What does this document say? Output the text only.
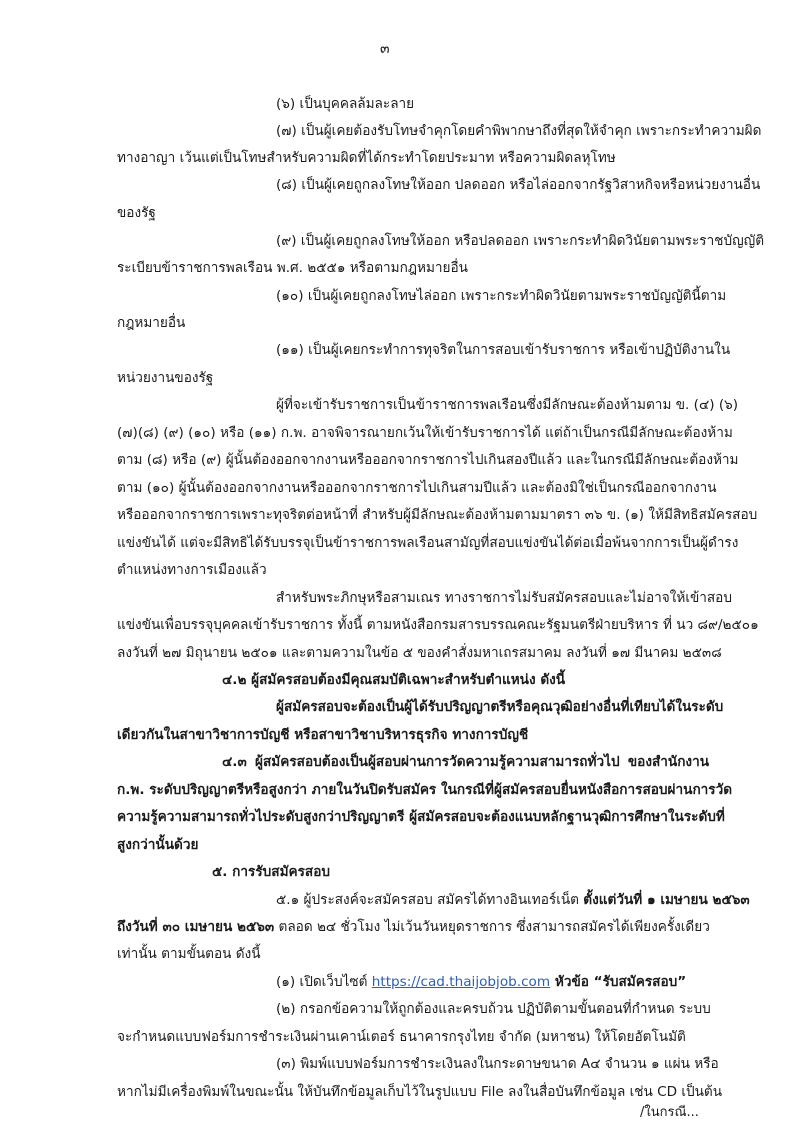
๓
(๖) เป็นบุคคลล้มละลาย
(๗) เป็นผู้เคยต้องรับโทษจำคุกโดยคำพิพากษาถึงที่สุดให้จำคุก เพราะกระทำความผิด
ทางอาญา เว้นแต่เป็นโทษสำหรับความผิดที่ได้กระทำโดยประมาท หรือความผิดลหุโทษ
(๘) เป็นผู้เคยถูกลงโทษให้ออก ปลดออก หรือไล่ออกจากรัฐวิสาหกิจหรือหน่วยงานอื่น
ของรัฐ
(๙) เป็นผู้เคยถูกลงโทษให้ออก หรือปลดออก เพราะกระทำผิดวินัยตามพระราชบัญญัติ
ระเบียบข้าราชการพลเรือน พ.ศ. ๒๕๕๑ หรือตามกฎหมายอื่น
(๑๐) เป็นผู้เคยถูกลงโทษไล่ออก เพราะกระทำผิดวินัยตามพระราชบัญญัตินี้ตาม
กฎหมายอื่น
(๑๑) เป็นผู้เคยกระทำการทุจริตในการสอบเข้ารับราชการ หรือเข้าปฏิบัติงานใน
หน่วยงานของรัฐ
ผู้ที่จะเข้ารับราชการเป็นข้าราชการพลเรือนซึ่งมีลักษณะต้องห้ามตาม ข. (๔) (๖)
(๗)(๘) (๙) (๑๐) หรือ (๑๑) ก.พ. อาจพิจารณายกเว้นให้เข้ารับราชการได้ แต่ถ้าเป็นกรณีมีลักษณะต้องห้าม
ตาม (๘) หรือ (๙) ผู้นั้นต้องออกจากงานหรือออกจากราชการไปเกินสองปีแล้ว และในกรณีมีลักษณะต้องห้าม
ตาม (๑๐) ผู้นั้นต้องออกจากงานหรือออกจากราชการไปเกินสามปีแล้ว และต้องมิใช่เป็นกรณีออกจากงาน
หรือออกจากราชการเพราะทุจริตต่อหน้าที่ สำหรับผู้มีลักษณะต้องห้ามตามมาตรา ๓๖ ข. (๑) ให้มีสิทธิสมัครสอบ
แข่งขันได้ แต่จะมีสิทธิได้รับบรรจุเป็นข้าราชการพลเรือนสามัญที่สอบแข่งขันได้ต่อเมื่อพ้นจากการเป็นผู้ดำรง
ตำแหน่งทางการเมืองแล้ว
สำหรับพระภิกษุหรือสามเณร ทางราชการไม่รับสมัครสอบและไม่อาจให้เข้าสอบ
แข่งขันเพื่อบรรจุบุคคลเข้ารับราชการ ทั้งนี้ ตามหนังสือกรมสารบรรณคณะรัฐมนตรีฝ่ายบริหาร ที่ นว ๘๙/๒๕๐๑
ลงวันที่ ๒๗ มิถุนายน ๒๕๐๑ และตามความในข้อ ๕ ของคำสั่งมหาเถรสมาคม ลงวันที่ ๑๗ มีนาคม ๒๕๓๘
๔.๒ ผู้สมัครสอบต้องมีคุณสมบัติเฉพาะสำหรับตำแหน่ง ดังนี้
ผู้สมัครสอบจะต้องเป็นผู้ได้รับปริญญาตรีหรือคุณวุฒิอย่างอื่นที่เทียบได้ในระดับ
เดียวกันในสาขาวิชาการบัญชี หรือสาขาวิชาบริหารธุรกิจ ทางการบัญชี
๔.๓ ผู้สมัครสอบต้องเป็นผู้สอบผ่านการวัดความรู้ความสามารถทั่วไป ของสำนักงาน
ก.พ. ระดับปริญญาตรีหรือสูงกว่า ภายในวันปิดรับสมัคร ในกรณีที่ผู้สมัครสอบยื่นหนังสือการสอบผ่านการวัด
ความรู้ความสามารถทั่วไประดับสูงกว่าปริญญาตรี ผู้สมัครสอบจะต้องแนบหลักฐานวุฒิการศึกษาในระดับที่
สูงกว่านั้นด้วย
๕. การรับสมัครสอบ
๕.๑ ผู้ประสงค์จะสมัครสอบ สมัครได้ทางอินเทอร์เน็ต ตั้งแต่วันที่ ๑ เมษายน ๒๕๖๓
ถึงวันที่ ๓๐ เมษายน ๒๕๖๓ ตลอด ๒๔ ชั่วโมง ไม่เว้นวันหยุดราชการ ซึ่งสามารถสมัครได้เพียงครั้งเดียว
เท่านั้น ตามขั้นตอน ดังนี้
(๑) เปิดเว็บไซต์ https://cad.thaijobjob.com หัวข้อ “รับสมัครสอบ”
(๒) กรอกข้อความให้ถูกต้องและครบถ้วน ปฏิบัติตามขั้นตอนที่กำหนด ระบบ
จะกำหนดแบบฟอร์มการชำระเงินผ่านเคาน์เตอร์ ธนาคารกรุงไทย จำกัด (มหาชน) ให้โดยอัตโนมัติ
(๓) พิมพ์แบบฟอร์มการชำระเงินลงในกระดาษขนาด A๔ จำนวน ๑ แผ่น หรือ
หากไม่มีเครื่องพิมพ์ในขณะนั้น ให้บันทึกข้อมูลเก็บไว้ในรูปแบบ File ลงในสื่อบันทึกข้อมูล เช่น CD เป็นต้น
/ในกรณี...
